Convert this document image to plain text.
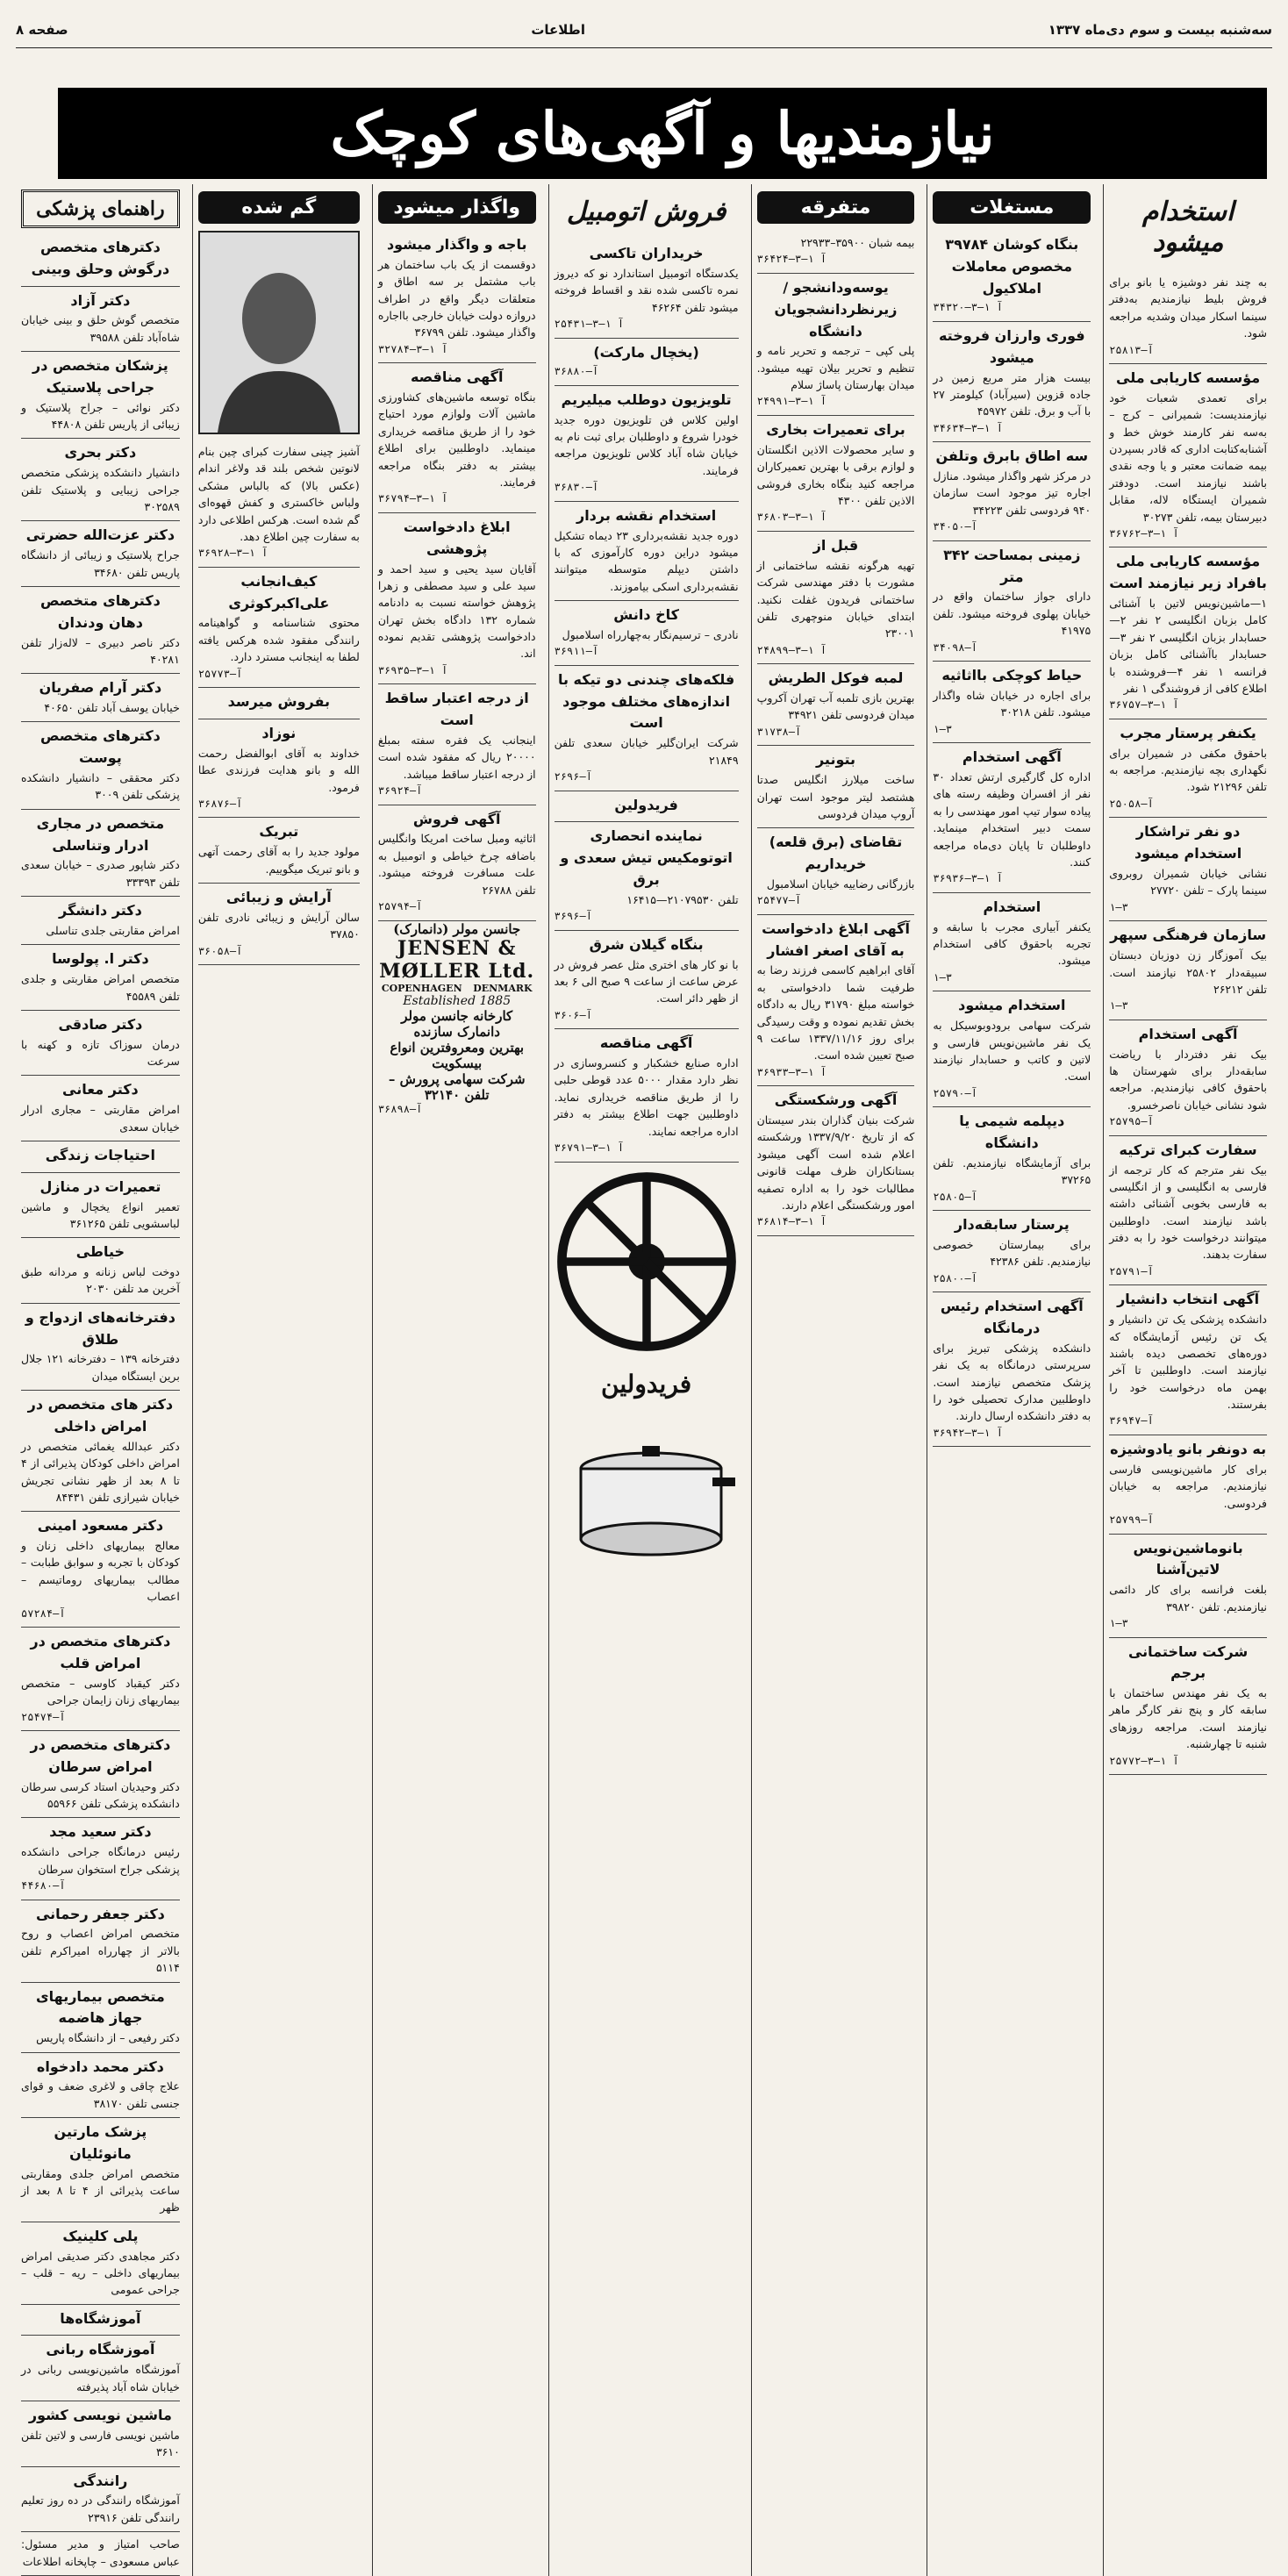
سه‌شنبه بیست و سوم دی‌ماه ۱۳۳۷
اطلاعات
صفحه ۸
نیازمندیها و آگهی‌های کوچک
استخدام میشود
به چند نفر دوشیزه یا بانو برای فروش بلیط نیازمندیم به‌دفتر سینما اسکار میدان وشدیه مراجعه شود.
۲۵۸۱۳—آ
مؤسسه کاریابی ملی
برای تعمدی شعبات خود نیازمندیست: شمیرانی – کرج – به‌سه نفر کارمند خوش خط و آشنابه‌کتابت اداری که قادر بسپردن بیمه ضمانت معتبر و یا وجه نقدی باشند نیازمند است. دودفتر شمیران ایستگاه لاله، مقابل دبیرستان بیمه، تلفن ۳۰۲۷۳
۳۶۷۶۲—آ ۱—۳
مؤسسه کاریابی ملی بافراد زیر نیازمند است
۱—ماشین‌نویس لاتین با آشنائی کامل بزبان انگلیسی ۲ نفر ۲—حسابدار بزبان انگلیسی ۲ نفر ۳—حسابدار باآشنائی کامل بزبان فرانسه ۱ نفر ۴—فروشنده با اطلاع کافی از فروشندگی ۱ نفر
۳۶۷۵۷—آ ۱—۳
یکنفر پرستار مجرب
باحقوق مکفی در شمیران برای نگهداری بچه نیازمندیم. مراجعه به تلفن ۲۱۲۹۶ شود.
۲۵۰۵۸—آ
دو نفر تراشکار استخدام میشود
نشانی خیابان شمیران روبروی سینما پارک – تلفن ۲۷۷۲۰
۱—۳
سازمان فرهنگی سپهر
بیک آموزگار زن دوزبان دبستان سبیقه‌دار ۲۵۸۰۲ نیازمند است. تلفن ۲۶۲۱۲
۱—۳
آگهی استخدام
بیک نفر دفتردار با ریاضت سابقه‌دار برای شهرستان ها باحقوق کافی نیازمندیم. مراجعه شود نشانی خیابان ناصرخسرو.
۲۵۷۹۵—آ
سفارت کبرای ترکیه
بیک نفر مترجم که کار ترجمه از فارسی به انگلیسی و از انگلیسی به فارسی بخوبی آشنائی داشته باشد نیازمند است. داوطلبین میتوانند درخواست خود را به دفتر سفارت بدهند.
۲۵۷۹۱—آ
آگهی انتخاب دانشیار
دانشکده پزشکی یک تن دانشیار و یک تن رئیس آزمایشگاه که دوره‌های تخصصی دیده باشند نیازمند است. داوطلبین تا آخر بهمن ماه درخواست خود را بفرستند.
۳۶۹۴۷—آ
به دونفر بانو یادوشیزه
برای کار ماشین‌نویسی فارسی نیازمندیم. مراجعه به خیابان فردوسی.
۲۵۷۹۹—آ
بانوماشین‌نویس لاتین‌آشنا
بلغت فرانسه برای کار دائمی نیازمندیم. تلفن ۳۹۸۲۰
۱—۳
شرکت ساختمانی برجم
به یک نفر مهندس ساختمان با سابقه کار و پنج نفر کارگر ماهر نیازمند است. مراجعه روزهای شنبه تا چهارشنبه.
۲۵۷۷۲—آ ۱—۳
مستغلات
بنگاه کوشان ۳۹۷۸۴ مخصوص معاملات املاکیول
۳۴۳۲۰—آ ۱—۳
فوری وارزان فروخته میشود
بیست هزار متر مربع زمین در جاده قزوین (سیرآباد) کیلومتر ۲۷ با آب و برق. تلفن ۴۵۹۷۲
۳۴۶۳۴—آ ۱—۳
سه اطاق بابرق وتلفن
در مرکز شهر واگذار میشود. منازل اجاره تیز موجود است سازمان ۹۴۰ فردوسی تلفن ۳۴۲۲۳
۳۴۰۵۰—آ
زمینی بمساحت ۳۴۲ متر
دارای جواز ساختمان واقع در خیابان پهلوی فروخته میشود. تلفن ۴۱۹۷۵
۳۴۰۹۸—آ
حیاط کوچکی بااثاثیه
برای اجاره در خیابان شاه واگذار میشود. تلفن ۳۰۲۱۸
۱—۳
آگهی استخدام
اداره کل گارگیری ارتش تعداد ۳۰ نفر از افسران وظیفه رسته های پیاده سوار تیپ امور مهندسی را به سمت دبیر استخدام مینماید. داوطلبان تا پایان دی‌ماه مراجعه کنند.
۳۶۹۳۶—آ ۱—۳
استخدام
یکنفر آبیاری مجرب با سابقه و تجربه باحقوق کافی استخدام میشود.
۱—۳
استخدام میشود
شرکت سهامی برودوبوسیکل به یک نفر ماشین‌نویس فارسی و لاتین و کاتب و حسابدار نیازمند است.
۲۵۷۹۰—آ
دیپلمه شیمی یا دانشگاه
برای آزمایشگاه نیازمندیم. تلفن ۳۷۲۶۵
۲۵۸۰۵—آ
پرستار سابقه‌دار
برای بیمارستان خصوصی نیازمندیم. تلفن ۴۲۳۸۶
۲۵۸۰۰—آ
آگهی استخدام رئیس درمانگاه
دانشکده پزشکی تبریز برای سرپرستی درمانگاه به یک نفر پزشک متخصص نیازمند است. داوطلبین مدارک تحصیلی خود را به دفتر دانشکده ارسال دارند.
۳۶۹۴۲—آ ۱—۳
متفرقه
بیمه شبان ۳۵۹۰۰–۲۲۹۳۳
۳۶۴۲۴—آ ۱—۳
یوسه‌ودانشجو / زیرنظردانشجویان دانشگاه
پلی کپی – ترجمه و تحریر نامه و تنظیم و تحریر بیلان تهیه میشود. میدان بهارستان پاساژ سلام
۲۴۹۹۱—آ ۱—۳
برای تعمیرات بخاری
و سایر محصولات الاذین انگلستان و لوازم برقی با بهترین تعمیرکاران مراجعه کنید بنگاه بخاری فروشی الاذین تلفن ۴۳۰۰
۳۶۸۰۳—آ ۱—۳
قبل از
تهیه هرگونه نقشه ساختمانی از مشورت با دفتر مهندسی شرکت ساختمانی فریدون غفلت نکنید. ابتدای خیابان منوچهری تلفن ۲۳۰۰۱
۲۴۸۹۹—آ ۱—۳
لمبه فوکل الطریش
بهترین بازی تلمبه آب تهران آکروپ میدان فردوسی تلفن ۳۴۹۲۱
۳۱۷۳۸—آ
بتونیر
ساخت میلارز انگلیس صدتا هشتصد لیتر موجود است تهران آروپ میدان فردوسی
تقاضای (برق قلعه) خریداریم
بازرگانی رضاییه خیابان اسلامبول
۲۵۴۷۷—آ
آگهی ابلاغ دادخواست به آقای اصغر افشار
آقای ابراهیم کاسمی فرزند رضا به طرفیت شما دادخواستی به خواسته مبلغ ۳۱۷۹۰ ریال به دادگاه بخش تقدیم نموده و وقت رسیدگی برای روز ۱۳۳۷/۱۱/۱۶ ساعت ۹ صبح تعیین شده است.
۳۶۹۳۳—آ ۱—۳
آگهی ورشکستگی
شرکت بنیان گذاران بندر سیستان که از تاریخ ۱۳۳۷/۹/۲۰ ورشکسته اعلام شده است آگهی میشود بستانکاران ظرف مهلت قانونی مطالبات خود را به اداره تصفیه امور ورشکستگی اعلام دارند.
۳۶۸۱۴—آ ۱—۳
فروش اتومبیل
خریداران تاکسی
یکدستگاه اتومبیل استاندارد نو که دیروز نمره تاکسی شده نقد و اقساط فروخته میشود تلفن ۴۶۲۶۴
۲۵۴۳۱—آ ۱—۳
(یخچال مارکت)
۳۶۸۸۰—آ
تلویزیون دوطلب میلیریم
اولین کلاس فن تلویزیون دوره جدید خودرا شروع و داوطلبان برای ثبت نام به خیابان شاه آباد کلاس تلویزیون مراجعه فرمایند.
۳۶۸۳۰—آ
استخدام نقشه بردار
دوره جدید نقشه‌برداری ۲۳ دیماه تشکیل میشود دراین دوره کارآموزی که با داشتن دیپلم متوسطه میتوانند نقشه‌برداری اسکی بیاموزند.
کاخ دانش
نادری – ترسیم‌نگار به‌چهارراه اسلامبول
۳۶۹۱۱—آ
فلکه‌های چندنی دو تیکه با اندازه‌های مختلف موجود است
شرکت ایران‌گلیر خیابان سعدی تلفن ۲۱۸۴۹
۲۶۹۶—آ
فریدولین
نماینده انحصاری اتوتومکیس تیش سعدی و برق
تلفن ۲۱۰۷۹۵۳۰—۱۶۴۱۵
۳۶۹۶—آ
بنگاه گیلان شرق
با نو کار های اختری مثل عصر فروش در عرض ساعت از ساعت ۹ صبح الی ۶ بعد از ظهر دائر است.
۳۶۰۶—آ
آگهی مناقصه
اداره صنایع خشکبار و کنسروسازی در نظر دارد مقدار ۵۰۰۰ عدد قوطی حلبی را از طریق مناقصه خریداری نماید. داوطلبین جهت اطلاع بیشتر به دفتر اداره مراجعه نمایند.
۳۶۷۹۱—آ ۱—۳
فریدولین
واگذار میشود
باجه و واگذار میشود
دوقسمت از یک باب ساختمان هر باب مشتمل بر سه اطاق و متعلقات دیگر واقع در اطراف دروازه دولت خیابان خارجی بااجاره واگذار میشود. تلفن ۳۶۷۹۹
۳۲۷۸۴—آ ۱—۳
آگهی مناقصه
بنگاه توسعه ماشین‌های کشاورزی ماشین آلات ولوازم مورد احتیاج خود را از طریق مناقصه خریداری مینماید. داوطلبین برای اطلاع بیشتر به دفتر بنگاه مراجعه فرمایند.
۳۶۷۹۴—آ ۱—۳
ابلاغ دادخواست پژوهشی
آقایان سید یحیی و سید احمد و سید علی و سید مصطفی و زهرا پژوهش خواسته نسبت به دادنامه شماره ۱۳۲ دادگاه بخش تهران دادخواست پژوهشی تقدیم نموده اند.
۳۶۹۳۵—آ ۱—۳
از درجه اعتبار ساقط است
اینجانب یک فقره سفته بمبلغ ۲۰۰۰۰ ریال که مفقود شده است از درجه اعتبار ساقط میباشد.
۳۶۹۲۴—آ
آگهی فروش
اثاثیه ومبل ساخت امریکا وانگلیس باضافه چرخ خیاطی و اتومبیل به علت مسافرت فروخته میشود. تلفن ۲۶۷۸۸
۲۵۷۹۴—آ
جانسن مولر (دانمارک)
JENSEN & MØLLER Ltd.
COPENHAGEN DENMARK
Established 1885
کارخانه جانسن مولر دانمارک سازنده
بهترین ومعروفترین انواع بیسکویت
شرکت سهامی پرورش – تلفن ۳۲۱۴۰
۳۶۸۹۸—آ
گم شده
آشیز چینی سفارت کبرای چین بنام لانوتین شخص بلند قد ولاغر اندام (عکس بالا) که بالباس مشکی ولباس خاکستری و کفش قهوه‌ای گم شده است. هرکس اطلاعی دارد به سفارت چین اطلاع دهد.
۳۶۹۲۸—آ ۱—۳
کیف‌انجانب علی‌اکبرکوثری
محتوی شناسنامه و گواهینامه رانندگی مفقود شده هرکس یافته لطفا به اینجانب مسترد دارد.
۲۵۷۷۳—آ
بفروش میرسد
نوزاد
خداوند به آقای ابوالفضل رحمت الله و بانو هدایت فرزندی عطا فرمود.
۳۶۸۷۶—آ
تبریک
مولود جدید را به آقای رحمت آتهی و بانو تبریک میگوییم.
آرایش و زیبائی
سالن آرایش و زیبائی نادری تلفن ۳۷۸۵۰
۳۶۰۵۸—آ
راهنمای پزشکی
دکترهای متخصص درگوش وحلق وبینی
دکتر آزاد
متخصص گوش حلق و بینی خیابان شاه‌آباد تلفن ۳۹۵۸۸
پزشکان متخصص در جراحی پلاستیک
دکتر نوائی – جراح پلاستیک و زیبائی از پاریس تلفن ۴۴۸۰۸
دکتر بحری
دانشیار دانشکده پزشکی متخصص جراحی زیبایی و پلاستیک تلفن ۳۰۲۵۸۹
دکتر عزت‌الله حضرتی
جراح پلاستیک و زیبائی از دانشگاه پاریس تلفن ۳۴۶۸۰
دکترهای متخصص دهان ودندان
دکتر ناصر دبیری – لاله‌زار تلفن ۴۰۲۸۱
دکتر آرام صفریان
خیابان یوسف آباد تلفن ۴۰۶۵۰
دکترهای متخصص پوست
دکتر محققی – دانشیار دانشکده پزشکی تلفن ۳۰۰۹
متخصص در مجاری ادرار وتناسلی
دکتر شاپور صدری – خیابان سعدی تلفن ۳۳۳۹۳
دکتر دانشگر
امراض مقاربتی جلدی تناسلی
دکتر ا. پولوسا
متخصص امراض مقاربتی و جلدی تلفن ۴۵۵۸۹
دکتر صادقی
درمان سوزاک تازه و کهنه با سرعت
دکتر معانی
امراض مقاربتی – مجاری ادرار خیابان سعدی
احتیاجات زندگی
تعمیرات در منازل
تعمیر انواع یخچال و ماشین لباسشویی تلفن ۳۶۱۲۶۵
خیاطی
دوخت لباس زنانه و مردانه طبق آخرین مد تلفن ۲۰۳۰
دفترخانه‌های ازدواج و طلاق
دفترخانه ۱۳۹ – دفترخانه ۱۲۱ جلال برین ایستگاه میدان
دکتر های متخصص در امراض داخلی
دکتر عبدالله یغمائی متخصص در امراض داخلی کودکان پذیرائی از ۴ تا ۸ بعد از ظهر نشانی تجریش خیابان شیرازی تلفن ۸۴۴۳۱
دکتر مسعود امینی
معالج بیماریهای داخلی زنان و کودکان با تجربه و سوابق طبابت – مطالب بیماریهای روماتیسم – اعصاب
۵۷۲۸۴—آ
دکترهای متخصص در امراض قلب
دکتر کیقباد کاوسی – متخصص بیماریهای زنان زایمان جراحی
۲۵۴۷۴—آ
دکترهای متخصص در امراض سرطان
دکتر وحیدیان استاد کرسی سرطان دانشکده پزشکی تلفن ۵۵۹۶۶
دکتر سعید مجد
رئیس درمانگاه جراحی دانشکده پزشکی جراح استخوان سرطان
۴۴۶۸۰—آ
دکتر جعفر رحمانی
متخصص امراض اعصاب و روح بالاتر از چهارراه امیراکرم تلفن ۵۱۱۴
متخصص بیماریهای جهاز هاضمه
دکتر رفیعی – از دانشگاه پاریس
دکتر محمد دادخواه
علاج چاقی و لاغری ضعف و قوای جنسی تلفن ۳۸۱۷۰
پزشک مارتین مانوئلیان
متخصص امراض جلدی ومقاربتی ساعت پذیرائی از ۴ تا ۸ بعد از ظهر
پلی کلینیک
دکتر مجاهدی دکتر صدیقی امراض بیماریهای داخلی – ریه – قلب – جراحی عمومی
آموزشگاه‌ها
آموزشگاه ربانی
آموزشگاه ماشین‌نویسی ربانی در خیابان شاه آباد پذیرفته
ماشین نویسی کشور
ماشین نویسی فارسی و لاتین تلفن ۳۶۱۰
رانندگی
آموزشگاه رانندگی در ده روز تعلیم رانندگی تلفن ۲۳۹۱۶
صاحب امتیاز و مدیر مسئول: عباس مسعودی – چاپخانه اطلاعات
